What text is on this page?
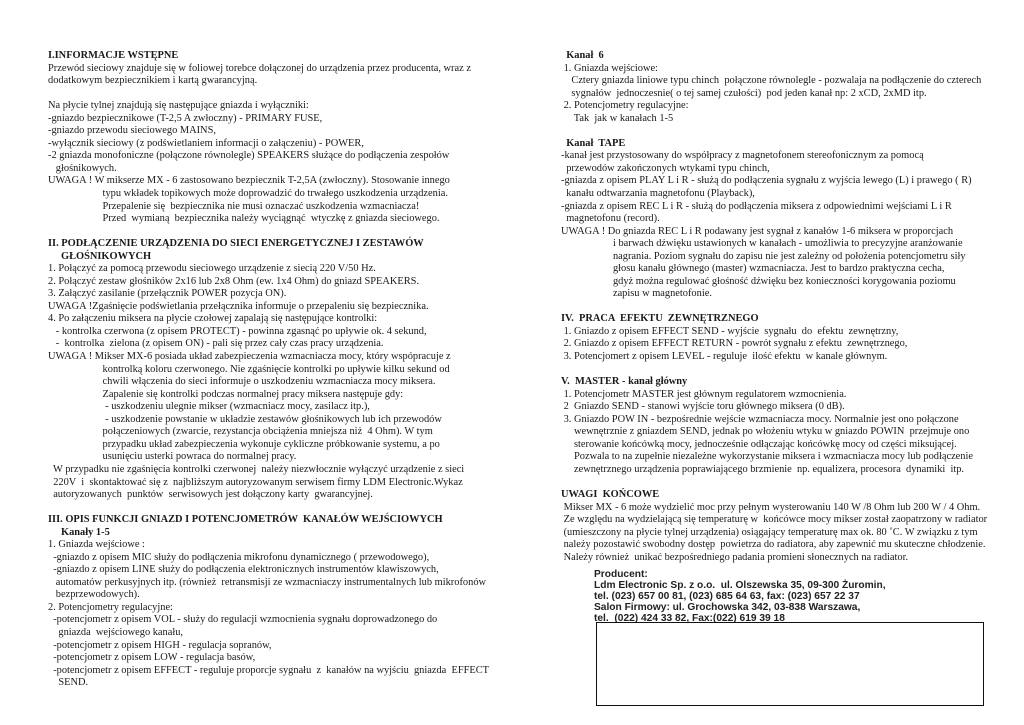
I.INFORMACJE WSTĘPNE
Przewód sieciowy znajduje się w foliowej torebce dołączonej do urządzenia przez producenta, wraz z
dodatkowym bezpiecznikiem i kartą gwarancyjną.
Na płycie tylnej znajdują się następujące gniazda i wyłączniki:
-gniazdo bezpiecznikowe (T-2,5 A zwłoczny) - PRIMARY FUSE,
-gniazdo przewodu sieciowego MAINS,
-wyłącznik sieciowy (z podświetlaniem informacji o załączeniu) - POWER,
-2 gniazda monofoniczne (połączone równolegle) SPEAKERS służące do podłączenia zespołów
głośnikowych.
UWAGA ! W mikserze MX - 6 zastosowano bezpiecznik T-2,5A (zwłoczny). Stosowanie innego
typu wkładek topikowych może doprowadzić do trwałego uszkodzenia urządzenia.
Przepalenie się  bezpiecznika nie musi oznaczać uszkodzenia wzmacniacza!
Przed  wymianą  bezpiecznika należy wyciągnąć  wtyczkę z gniazda sieciowego.
II. PODŁĄCZENIE URZĄDZENIA DO SIECI ENERGETYCZNEJ I ZESTAWÓW
GŁOŚNIKOWYCH
1. Połączyć za pomocą przewodu sieciowego urządzenie z siecią 220 V/50 Hz.
2. Połączyć zestaw głośników 2x16 lub 2x8 Ohm (ew. 1x4 Ohm) do gniazd SPEAKERS.
3. Załączyć zasilanie (przełącznik POWER pozycja ON).
UWAGA !Zgaśnięcie podświetlania przełącznika informuje o przepaleniu się bezpiecznika.
4. Po załączeniu miksera na płycie czołowej zapalają się następujące kontrolki:
- kontrolka czerwona (z opisem PROTECT) - powinna zgasnąć po upływie ok. 4 sekund,
-  kontrolka  zielona (z opisem ON) - pali się przez cały czas pracy urządzenia.
UWAGA ! Mikser MX-6 posiada układ zabezpieczenia wzmacniacza mocy, który wspópracuje z
kontrolką koloru czerwonego. Nie zgaśnięcie kontrolki po upływie kilku sekund od
chwili włączenia do sieci informuje o uszkodzeniu wzmacniacza mocy miksera.
Zapalenie się kontrolki podczas normalnej pracy miksera następuje gdy:
- uszkodzeniu ulegnie mikser (wzmacniacz mocy, zasilacz itp.),
- uszkodzenie powstanie w układzie zestawów głośnikowych lub ich przewodów
połączeniowych (zwarcie, rezystancja obciążenia mniejsza niż  4 Ohm). W tym
przypadku układ zabezpieczenia wykonuje cykliczne próbkowanie systemu, a po
usunięciu usterki powraca do normalnej pracy.
W przypadku nie zgaśnięcia kontrolki czerwonej  należy niezwłocznie wyłączyć urządzenie z sieci
220V  i  skontaktować się z  najbliższym autoryzowanym serwisem firmy LDM Electronic.Wykaz
autoryzowanych  punktów  serwisowych jest dołączony karty  gwarancyjnej.
III. OPIS FUNKCJI GNIAZD I POTENCJOMETRÓW  KANAŁÓW WEJŚCIOWYCH
Kanały 1-5
1. Gniazda wejściowe :
-gniazdo z opisem MIC służy do podłączenia mikrofonu dynamicznego ( przewodowego),
-gniazdo z opisem LINE służy do podłączenia elektronicznych instrumentów klawiszowych,
automatów perkusyjnych itp. (również  retransmisji ze wzmacniaczy instrumentalnych lub mikrofonów
bezprzewodowych).
2. Potencjometry regulacyjne:
-potencjometr z opisem VOL - służy do regulacji wzmocnienia sygnału doprowadzonego do
gniazda  wejściowego kanału,
-potencjometr z opisem HIGH - regulacja sopranów,
-potencjometr z opisem LOW - regulacja basów,
-potencjometr z opisem EFFECT - reguluje proporcje sygnału  z  kanałów na wyjściu  gniazda  EFFECT
SEND.
Kanał  6
1. Gniazda wejściowe:
Cztery gniazda liniowe typu chinch  połączone równolegle - pozwalaja na podłączenie do czterech
sygnałów  jednoczesnie( o tej samej czułości)  pod jeden kanał np: 2 xCD, 2xMD itp.
2. Potencjometry regulacyjne:
Tak  jak w kanałach 1-5
Kanał  TAPE
-kanał jest przystosowany do współpracy z magnetofonem stereofonicznym za pomocą
przewodów zakończonych wtykami typu chinch,
-gniazda z opisem PLAY L i R - służą do podłączenia sygnału z wyjścia lewego (L) i prawego ( R)
kanału odtwarzania magnetofonu (Playback),
-gniazda z opisem REC L i R - służą do podłączenia miksera z odpowiednimi wejściami L i R
magnetofonu (record).
UWAGA ! Do gniazda REC L i R podawany jest sygnał z kanałów 1-6 miksera w proporcjach
i barwach dźwięku ustawionych w kanałach - umożliwia to precyzyjne aranżowanie
nagrania. Poziom sygnału do zapisu nie jest zależny od położenia potencjometru siły
głosu kanału głównego (master) wzmacniacza. Jest to bardzo praktyczna cecha,
gdyż można regulować głośność dźwięku bez konieczności korygowania poziomu
zapisu w magnetofonie.
IV.  PRACA  EFEKTU  ZEWNĘTRZNEGO
1. Gniazdo z opisem EFFECT SEND - wyjście  sygnału  do  efektu  zewnętrzny,
2. Gniazdo z opisem EFFECT RETURN - powrót sygnału z efektu  zewnętrznego,
3. Potencjomert z opisem LEVEL - reguluje  ilość efektu  w kanale głównym.
V.  MASTER - kanał główny
1. Potencjometr MASTER jest głównym regulatorem wzmocnienia.
2  Gniazdo SEND - stanowi wyjście toru głównego miksera (0 dB).
3. Gniazdo POW IN - bezpośrednie wejście wzmacniacza mocy. Normalnie jest ono połączone
wewnętrznie z gniazdem SEND, jednak po włożeniu wtyku w gniazdo POWIN  przejmuje ono
sterowanie końcówką mocy, jednocześnie odłączając końcówkę mocy od części miksującej.
Pozwala to na zupełnie niezależne wykorzystanie miksera i wzmacniacza mocy lub podłączenie
zewnętrznego urządzenia poprawiającego brzmienie  np. equalizera, procesora  dynamiki  itp.
UWAGI  KOŃCOWE
Mikser MX - 6 może wydzielić moc przy pełnym wysterowaniu 140 W /8 Ohm lub 200 W / 4 Ohm.
Ze względu na wydzielającą się temperaturę w  końcówce mocy mikser został zaopatrzony w radiator
(umieszczony na płycie tylnej urządzenia) osiągający temperaturę max ok. 80 ˚C. W związku z tym
należy pozostawić swobodny dostęp  powietrza do radiatora, aby zapewnić mu skuteczne chłodzenie.
Należy również  unikać bezpośredniego padania promieni słonecznych na radiator.
Producent:
Ldm Electronic Sp. z o.o.  ul. Olszewska 35, 09-300 Żuromin,
tel. (023) 657 00 81, (023) 685 64 63, fax: (023) 657 22 37
Salon Firmowy: ul. Grochowska 342, 03-838 Warszawa,
tel.  (022) 424 33 82, Fax:(022) 619 39 18
